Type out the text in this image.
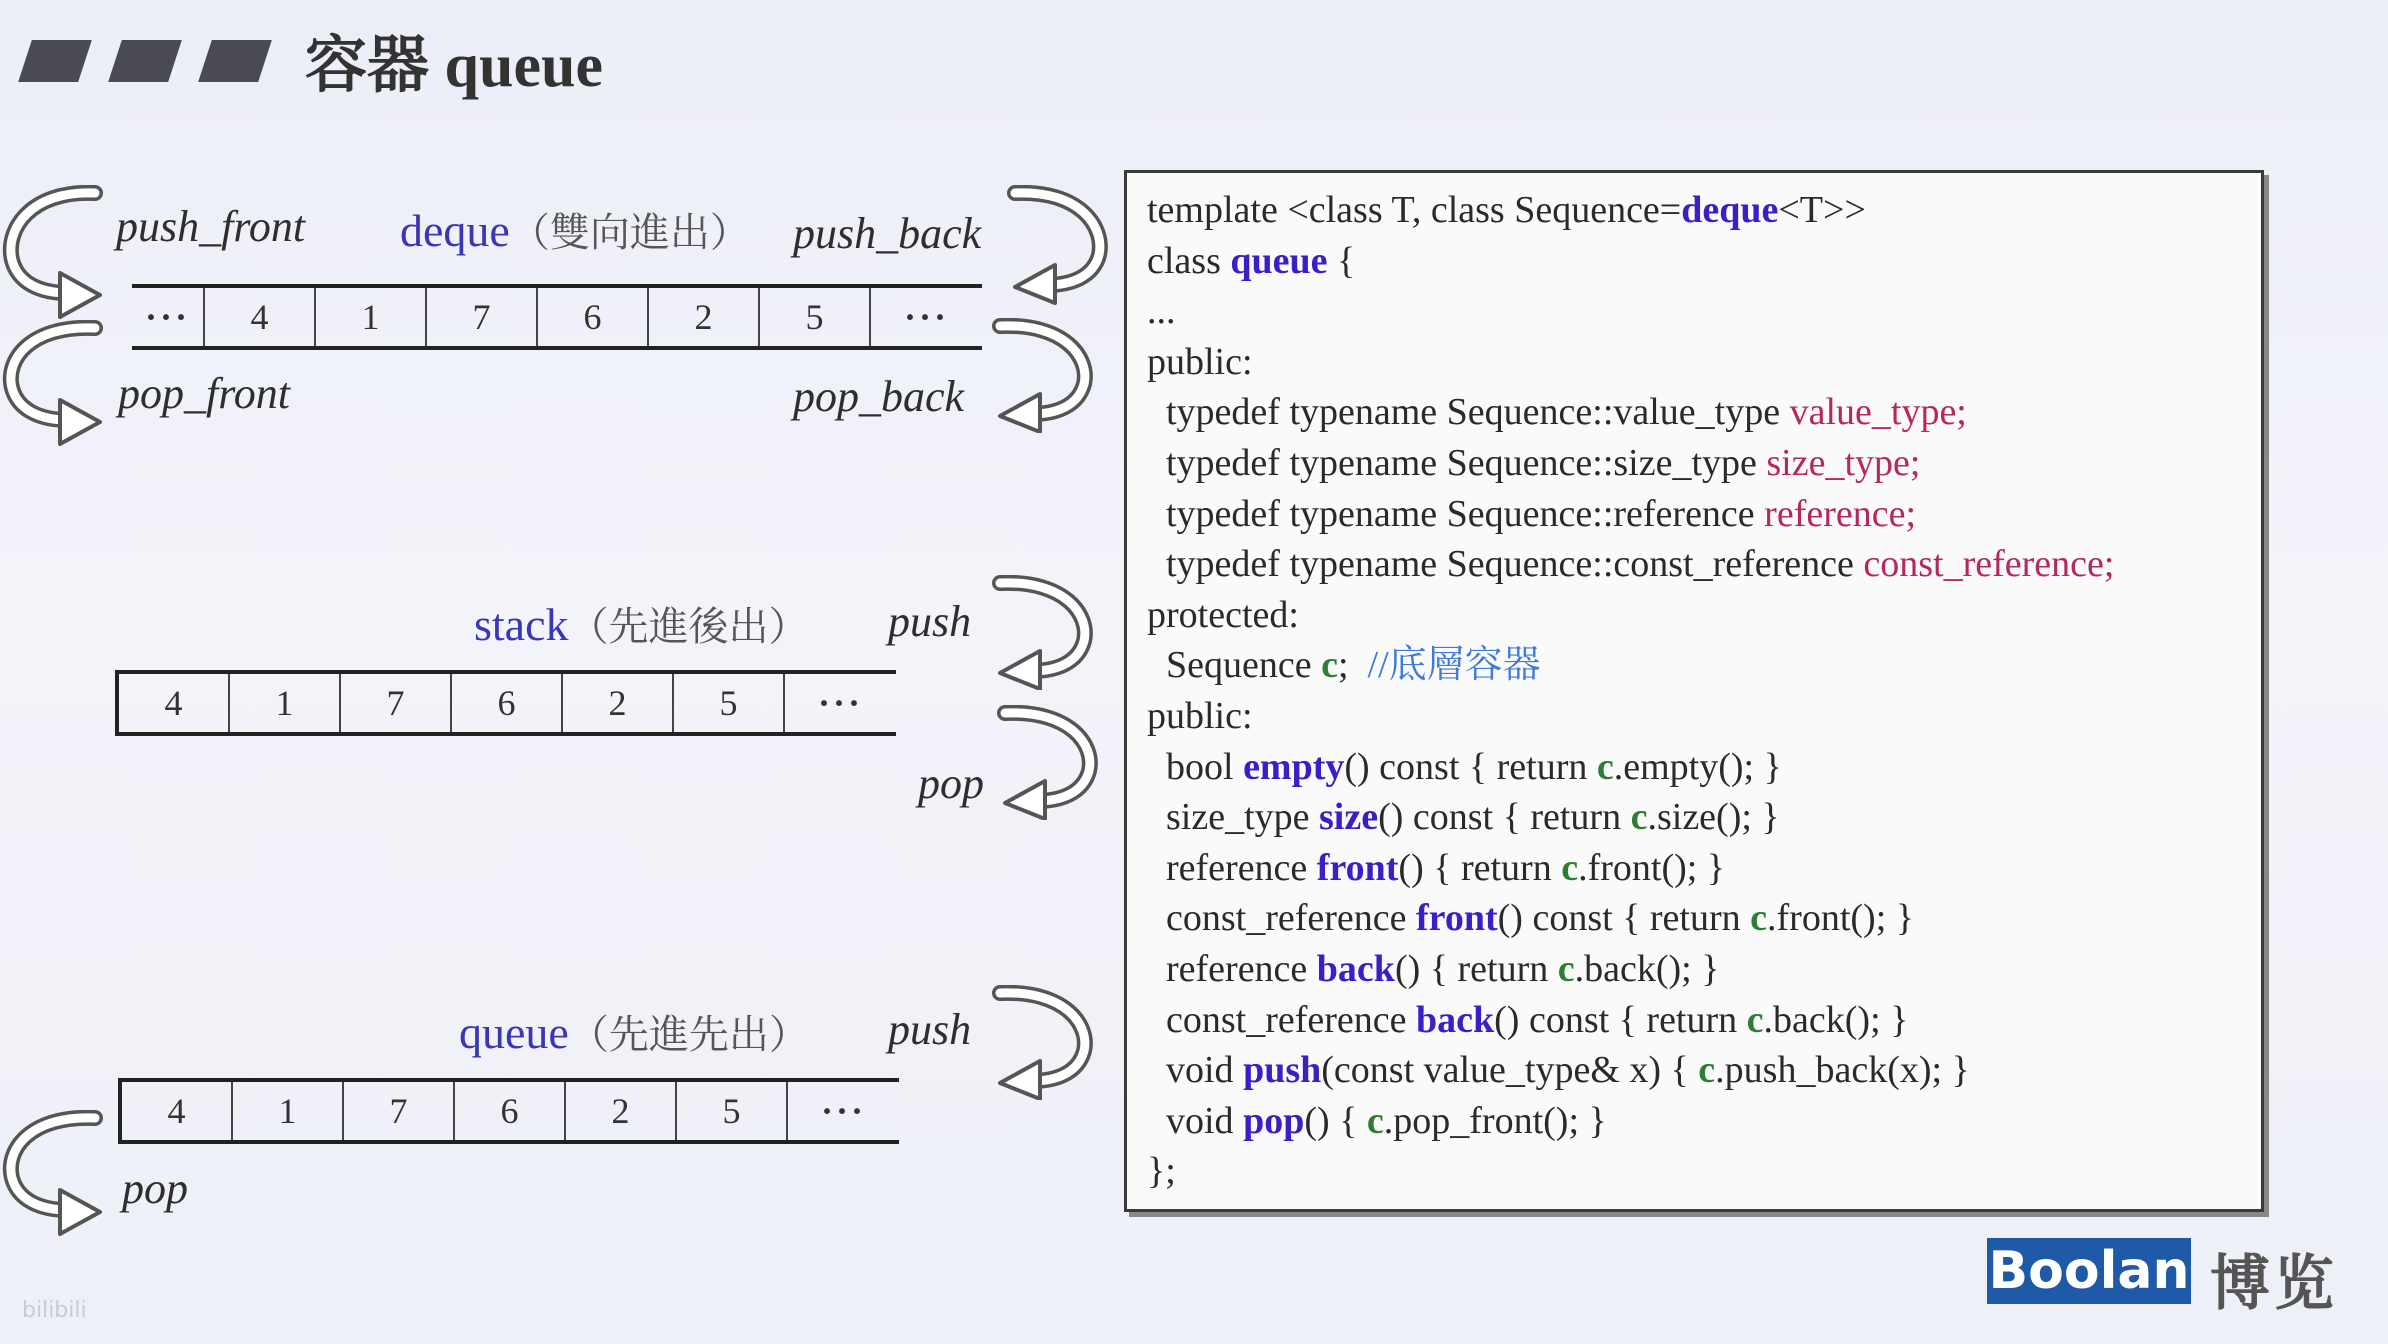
容器 queue
push_front deque（雙向進出） push_back
pop_front	pop_back
···	4	1	7	6	2	5	···
stack（先進後出） push
pop
4	1	7	6	2	5	···
queue（先進先出） push
pop
4	1	7	6	2	5	···
template <class T, class Sequence=deque<T>>
class queue {
...
public:
typedef typename Sequence::value_type value_type;
typedef typename Sequence::size_type size_type;
typedef typename Sequence::reference reference;
typedef typename Sequence::const_reference const_reference;
protected:
Sequence c;  //底層容器
public:
bool empty() const { return c.empty(); }
size_type size() const { return c.size(); }
reference front() { return c.front(); }
const_reference front() const { return c.front(); }
reference back() { return c.back(); }
const_reference back() const { return c.back(); }
void push(const value_type& x) { c.push_back(x); }
void pop() { c.pop_front(); }
};
Boolan 博览
bilibili
